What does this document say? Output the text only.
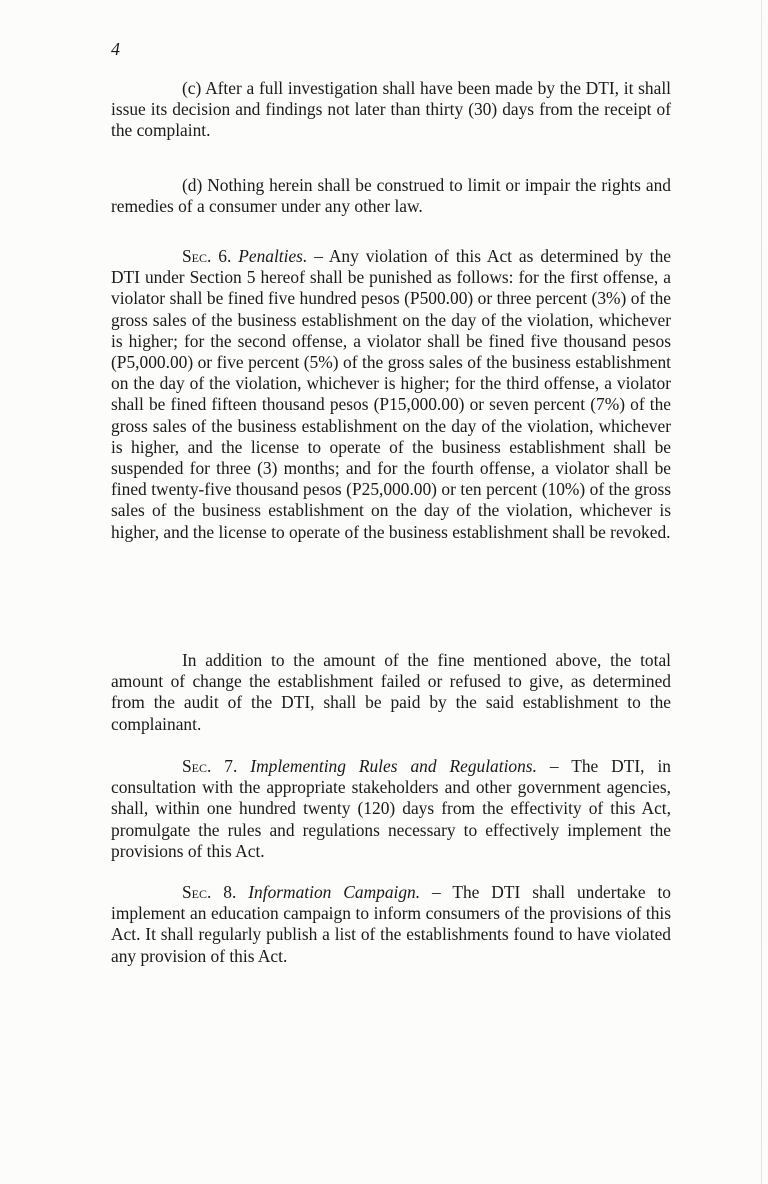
4

(c) After a full investigation shall have been made by the DTI, it shall issue its decision and findings not later than thirty (30) days from the receipt of the complaint.

(d) Nothing herein shall be construed to limit or impair the rights and remedies of a consumer under any other law.

Sec. 6. Penalties. – Any violation of this Act as determined by the DTI under Section 5 hereof shall be punished as follows: for the first offense, a violator shall be fined five hundred pesos (P500.00) or three percent (3%) of the gross sales of the business establishment on the day of the violation, whichever is higher; for the second offense, a violator shall be fined five thousand pesos (P5,000.00) or five percent (5%) of the gross sales of the business establishment on the day of the violation, whichever is higher; for the third offense, a violator shall be fined fifteen thousand pesos (P15,000.00) or seven percent (7%) of the gross sales of the business establishment on the day of the violation, whichever is higher, and the license to operate of the business establishment shall be suspended for three (3) months; and for the fourth offense, a violator shall be fined twenty-five thousand pesos (P25,000.00) or ten percent (10%) of the gross sales of the business establishment on the day of the violation, whichever is higher, and the license to operate of the business establishment shall be revoked.

In addition to the amount of the fine mentioned above, the total amount of change the establishment failed or refused to give, as determined from the audit of the DTI, shall be paid by the said establishment to the complainant.

Sec. 7. Implementing Rules and Regulations. – The DTI, in consultation with the appropriate stakeholders and other government agencies, shall, within one hundred twenty (120) days from the effectivity of this Act, promulgate the rules and regulations necessary to effectively implement the provisions of this Act.

Sec. 8. Information Campaign. – The DTI shall undertake to implement an education campaign to inform consumers of the provisions of this Act. It shall regularly publish a list of the establishments found to have violated any provision of this Act.
